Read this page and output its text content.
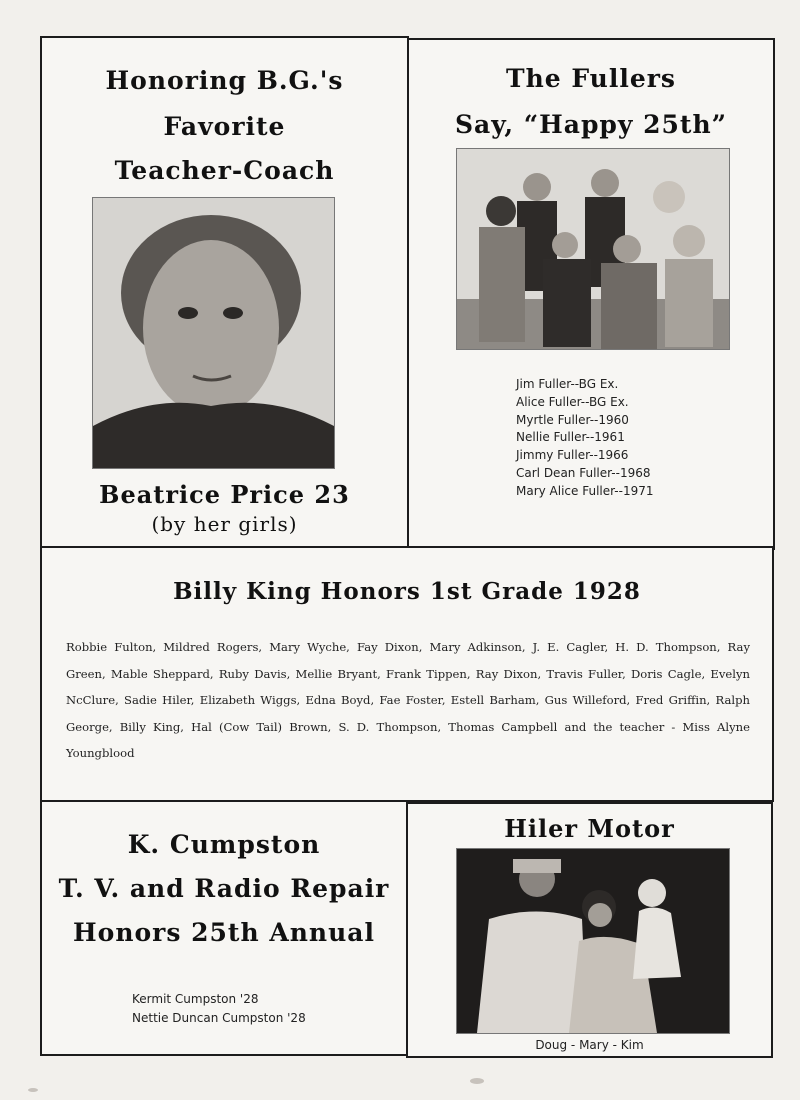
Honoring B.G.'s
Favorite
Teacher-Coach
Beatrice Price 23
(by her girls)
The Fullers
Say, “Happy 25th”
Jim Fuller--BG Ex.
Alice Fuller--BG Ex.
Myrtle Fuller--1960
Nellie Fuller--1961
Jimmy Fuller--1966
Carl Dean Fuller--1968
Mary Alice Fuller--1971
Billy King Honors 1st Grade 1928
Robbie Fulton, Mildred Rogers, Mary Wyche, Fay Dixon, Mary Adkinson, J. E. Cagler, H. D. Thompson, Ray Green, Mable Sheppard, Ruby Davis, Mellie Bryant, Frank Tippen, Ray Dixon, Travis Fuller, Doris Cagle, Evelyn NcClure, Sadie Hiler, Elizabeth Wiggs, Edna Boyd, Fae Foster, Estell Barham, Gus Willeford, Fred Griffin, Ralph George, Billy King, Hal (Cow Tail) Brown, S. D. Thompson, Thomas Campbell and the teacher - Miss Alyne Youngblood
K. Cumpston
T. V. and Radio Repair
Honors 25th Annual
Kermit Cumpston '28
Nettie Duncan Cumpston '28
Hiler Motor
Doug - Mary - Kim
